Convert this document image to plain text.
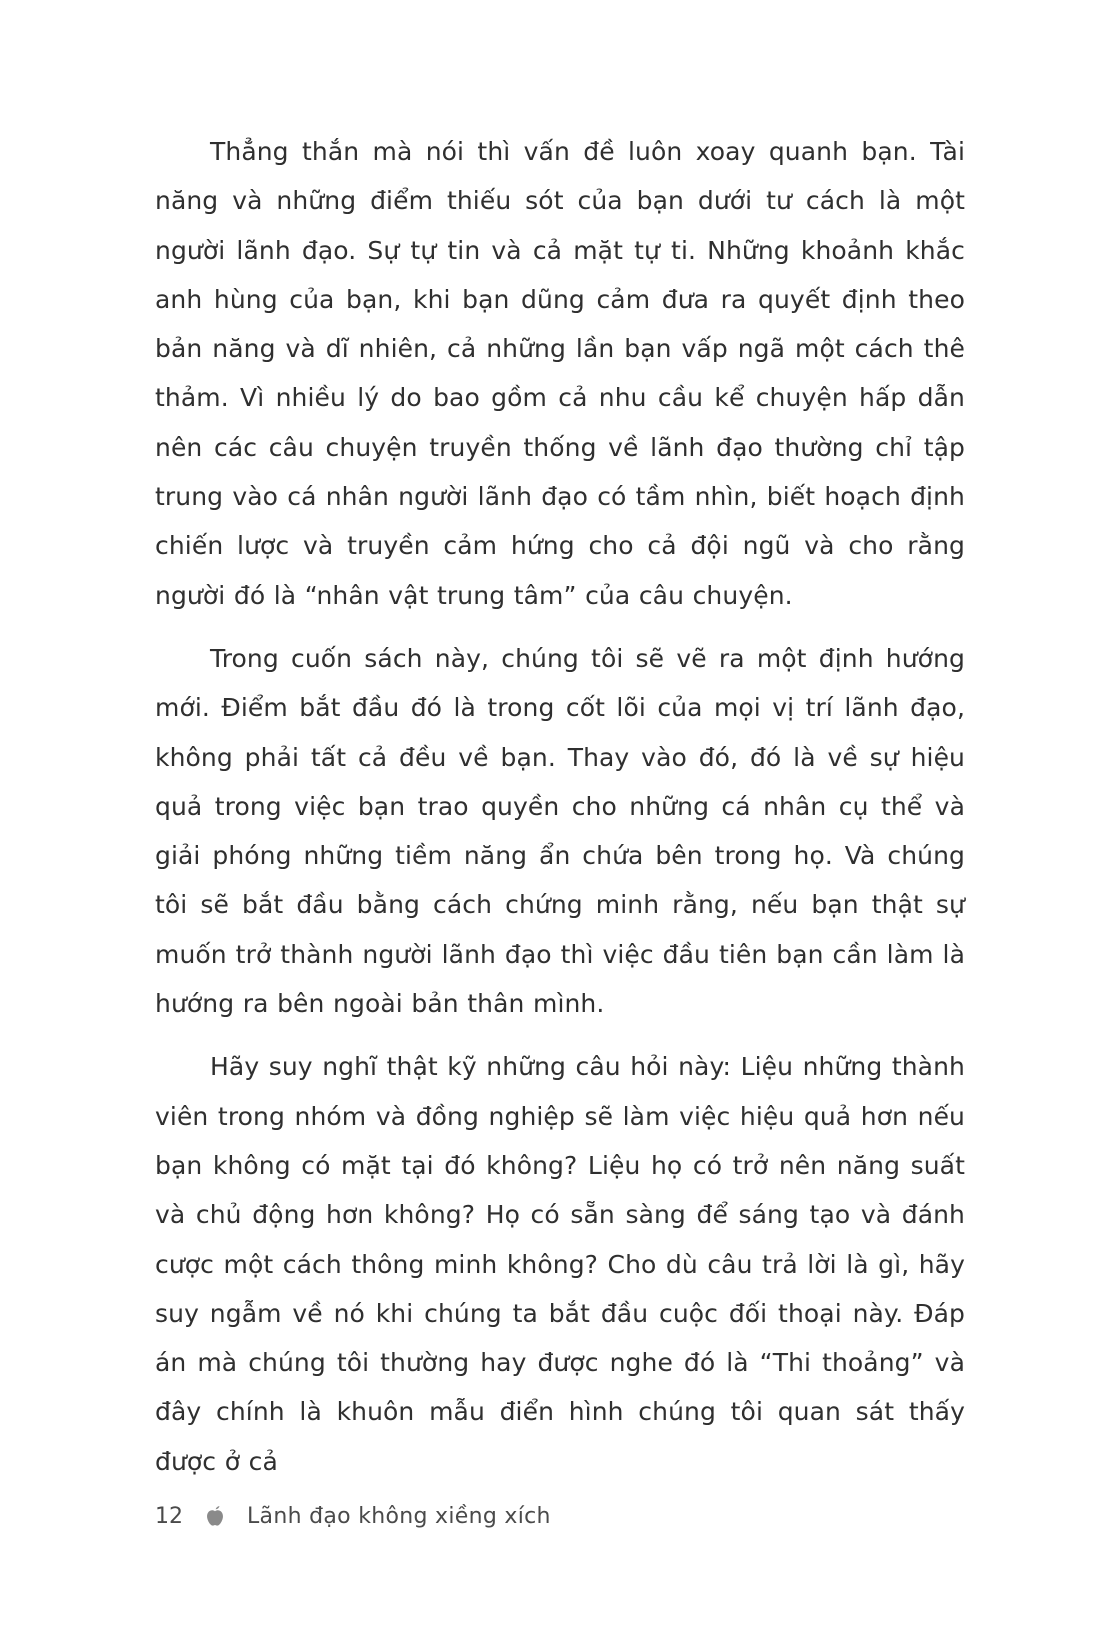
Thẳng thắn mà nói thì vấn đề luôn xoay quanh bạn. Tài năng và những điểm thiếu sót của bạn dưới tư cách là một người lãnh đạo. Sự tự tin và cả mặt tự ti. Những khoảnh khắc anh hùng của bạn, khi bạn dũng cảm đưa ra quyết định theo bản năng và dĩ nhiên, cả những lần bạn vấp ngã một cách thê thảm. Vì nhiều lý do bao gồm cả nhu cầu kể chuyện hấp dẫn nên các câu chuyện truyền thống về lãnh đạo thường chỉ tập trung vào cá nhân người lãnh đạo có tầm nhìn, biết hoạch định chiến lược và truyền cảm hứng cho cả đội ngũ và cho rằng người đó là “nhân vật trung tâm” của câu chuyện.

Trong cuốn sách này, chúng tôi sẽ vẽ ra một định hướng mới. Điểm bắt đầu đó là trong cốt lõi của mọi vị trí lãnh đạo, không phải tất cả đều về bạn. Thay vào đó, đó là về sự hiệu quả trong việc bạn trao quyền cho những cá nhân cụ thể và giải phóng những tiềm năng ẩn chứa bên trong họ. Và chúng tôi sẽ bắt đầu bằng cách chứng minh rằng, nếu bạn thật sự muốn trở thành người lãnh đạo thì việc đầu tiên bạn cần làm là hướng ra bên ngoài bản thân mình.

Hãy suy nghĩ thật kỹ những câu hỏi này: Liệu những thành viên trong nhóm và đồng nghiệp sẽ làm việc hiệu quả hơn nếu bạn không có mặt tại đó không? Liệu họ có trở nên năng suất và chủ động hơn không? Họ có sẵn sàng để sáng tạo và đánh cược một cách thông minh không? Cho dù câu trả lời là gì, hãy suy ngẫm về nó khi chúng ta bắt đầu cuộc đối thoại này. Đáp án mà chúng tôi thường hay được nghe đó là “Thi thoảng” và đây chính là khuôn mẫu điển hình chúng tôi quan sát thấy được ở cả

12	Lãnh đạo không xiềng xích
